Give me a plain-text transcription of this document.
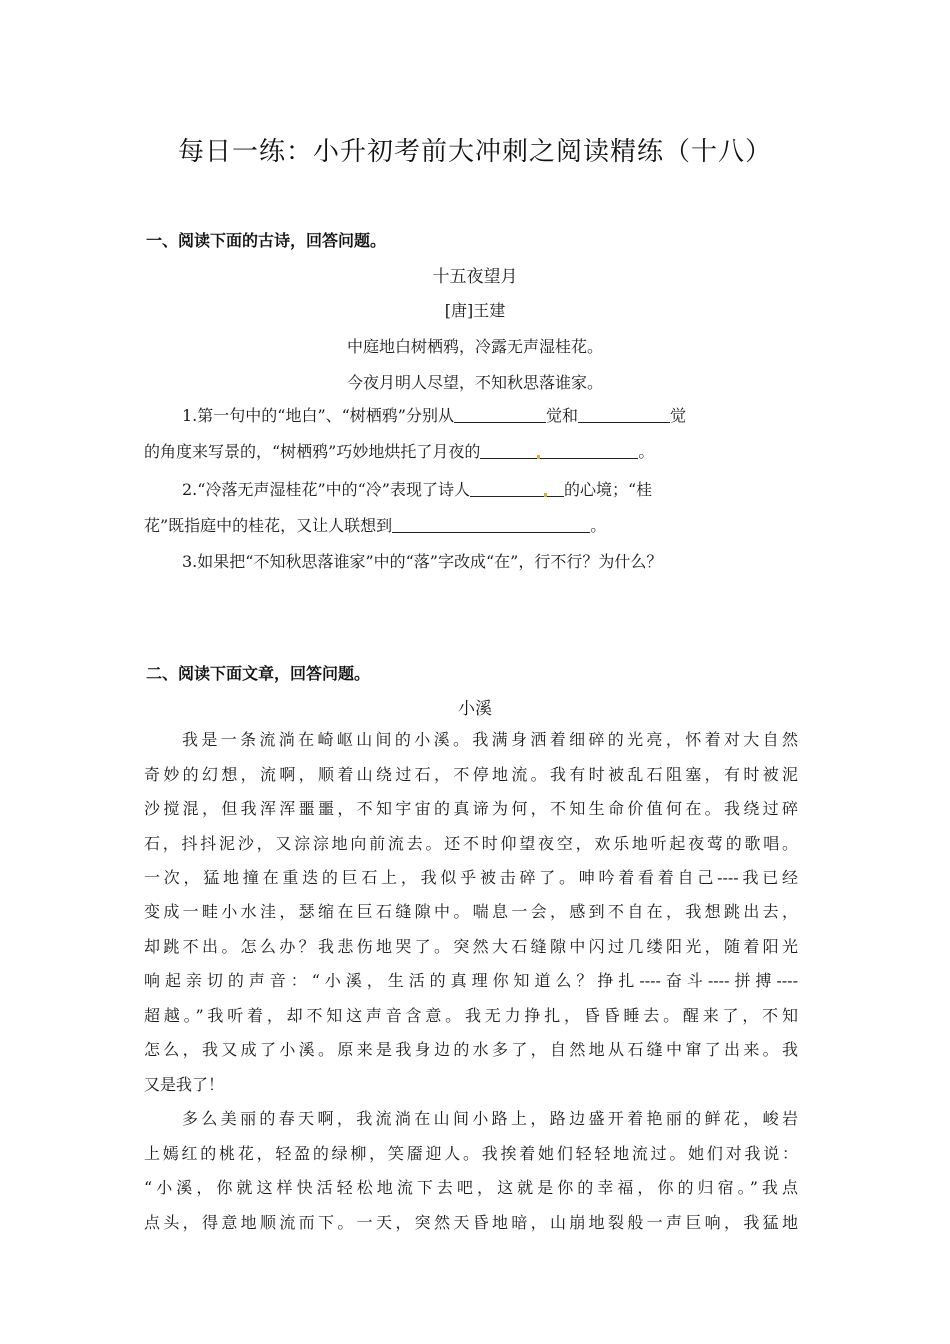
每日一练：小升初考前大冲刺之阅读精练（十八）
一、阅读下面的古诗，回答问题。
十五夜望月
[唐]王建
中庭地白树栖鸦，冷露无声湿桂花。
今夜月明人尽望，不知秋思落谁家。
1.第一句中的“地白”、“树栖鸦”分别从	觉和	觉
的角度来写景的，“树栖鸦”巧妙地烘托了月夜的	。
2.“冷落无声湿桂花”中的“冷”表现了诗人	的心境；“桂
花”既指庭中的桂花，又让人联想到	。
3.如果把“不知秋思落谁家”中的“落”字改成“在”，行不行？为什么？
二、阅读下面文章，回答问题。
小溪
我是一条流淌在崎岖山间的小溪。我满身洒着细碎的光亮，怀着对大自然
奇妙的幻想，流啊，顺着山绕过石，不停地流。我有时被乱石阻塞，有时被泥
沙搅混，但我浑浑噩噩，不知宇宙的真谛为何，不知生命价值何在。我绕过碎
石，抖抖泥沙，又淙淙地向前流去。还不时仰望夜空，欢乐地听起夜莺的歌唱。
一次，猛地撞在重迭的巨石上，我似乎被击碎了。呻吟着看着自己----我已经
变成一畦小水洼，瑟缩在巨石缝隙中。喘息一会，感到不自在，我想跳出去，
却跳不出。怎么办？我悲伤地哭了。突然大石缝隙中闪过几缕阳光，随着阳光
响起亲切的声音：“小溪，生活的真理你知道么？挣扎----奋斗----拼搏----
超越。”我听着，却不知这声音含意。我无力挣扎，昏昏睡去。醒来了，不知
怎么，我又成了小溪。原来是我身边的水多了，自然地从石缝中窜了出来。我
又是我了！
多么美丽的春天啊，我流淌在山间小路上，路边盛开着艳丽的鲜花，峻岩
上嫣红的桃花，轻盈的绿柳，笑靥迎人。我挨着她们轻轻地流过。她们对我说：
“小溪，你就这样快活轻松地流下去吧，这就是你的幸福，你的归宿。”我点
点头，得意地顺流而下。一天，突然天昏地暗，山崩地裂般一声巨响，我猛地
